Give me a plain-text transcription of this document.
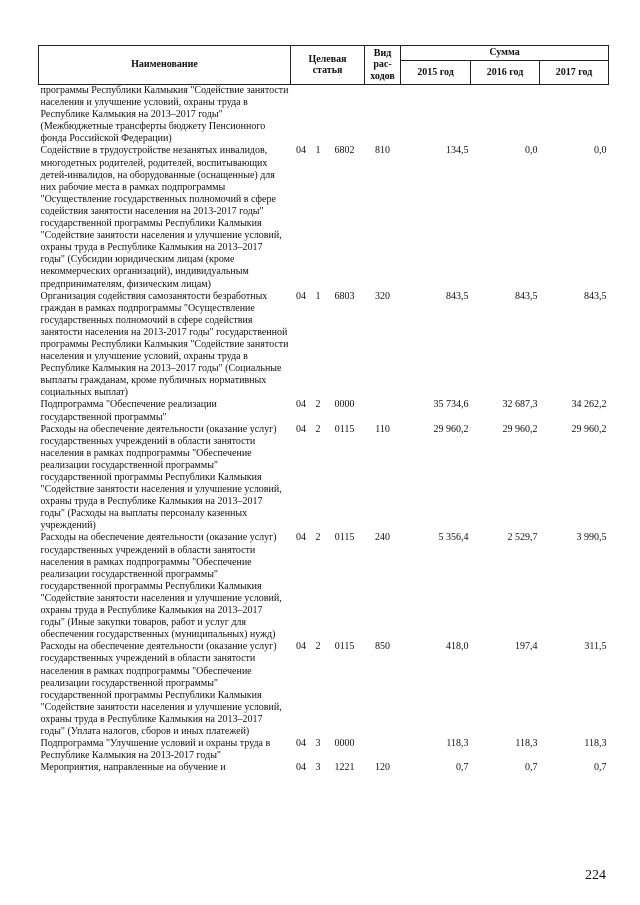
Наименование	Целевая статья			Вид рас-ходов	Сумма		
					2015 год	2016 год	2017 год
программы Республики Калмыкия "Содействие занятости населения и улучшение условий, охраны труда в Республике Калмыкия на 2013–2017 годы" (Межбюджетные трансферты бюджету Пенсионного фонда Российской Федерации)							
Содействие в трудоустройстве незанятых инвалидов, многодетных родителей, родителей, воспитывающих детей-инвалидов, на оборудованные (оснащенные) для них рабочие места в рамках подпрограммы "Осуществление государственных полномочий в сфере содействия занятости населения на 2013-2017 годы" государственной программы Республики Калмыкия "Содействие занятости населения и улучшение условий, охраны труда в Республике Калмыкия на 2013–2017 годы" (Субсидии юридическим лицам (кроме некоммерческих организаций), индивидуальным предпринимателям, физическим лицам)	04	1	6802	810	134,5	0,0	0,0
Организация содействия самозанятости безработных граждан в рамках подпрограммы "Осуществление государственных полномочий в сфере содействия занятости населения на 2013-2017 годы" государственной программы Республики Калмыкия "Содействие занятости населения и улучшение условий, охраны труда в Республике Калмыкия на 2013–2017 годы" (Социальные выплаты гражданам, кроме публичных нормативных социальных выплат)	04	1	6803	320	843,5	843,5	843,5
Подпрограмма "Обеспечение реализации государственной программы"	04	2	0000		35 734,6	32 687,3	34 262,2
Расходы на обеспечение деятельности (оказание услуг) государственных учреждений в области занятости населения в рамках подпрограммы "Обеспечение реализации государственной программы" государственной программы Республики Калмыкия "Содействие занятости населения и улучшение условий, охраны труда в Республике Калмыкия на 2013–2017 годы" (Расходы на выплаты персоналу казенных учреждений)	04	2	0115	110	29 960,2	29 960,2	29 960,2
Расходы на обеспечение деятельности (оказание услуг) государственных учреждений в области занятости населения в рамках подпрограммы "Обеспечение реализации государственной программы" государственной программы Республики Калмыкия "Содействие занятости населения и улучшение условий, охраны труда в Республике Калмыкия на 2013–2017 годы" (Иные закупки товаров, работ и услуг для обеспечения государственных (муниципальных) нужд)	04	2	0115	240	5 356,4	2 529,7	3 990,5
Расходы на обеспечение деятельности (оказание услуг) государственных учреждений в области занятости населения в рамках подпрограммы "Обеспечение реализации государственной программы" государственной программы Республики Калмыкия "Содействие занятости населения и улучшение условий, охраны труда в Республике Калмыкия на 2013–2017 годы" (Уплата налогов, сборов и иных платежей)	04	2	0115	850	418,0	197,4	311,5
Подпрограмма "Улучшение условий и охраны труда в Республике Калмыкия на 2013-2017 годы"	04	3	0000		118,3	118,3	118,3
Мероприятия, направленные на обучение и	04	3	1221	120	0,7	0,7	0,7
224
